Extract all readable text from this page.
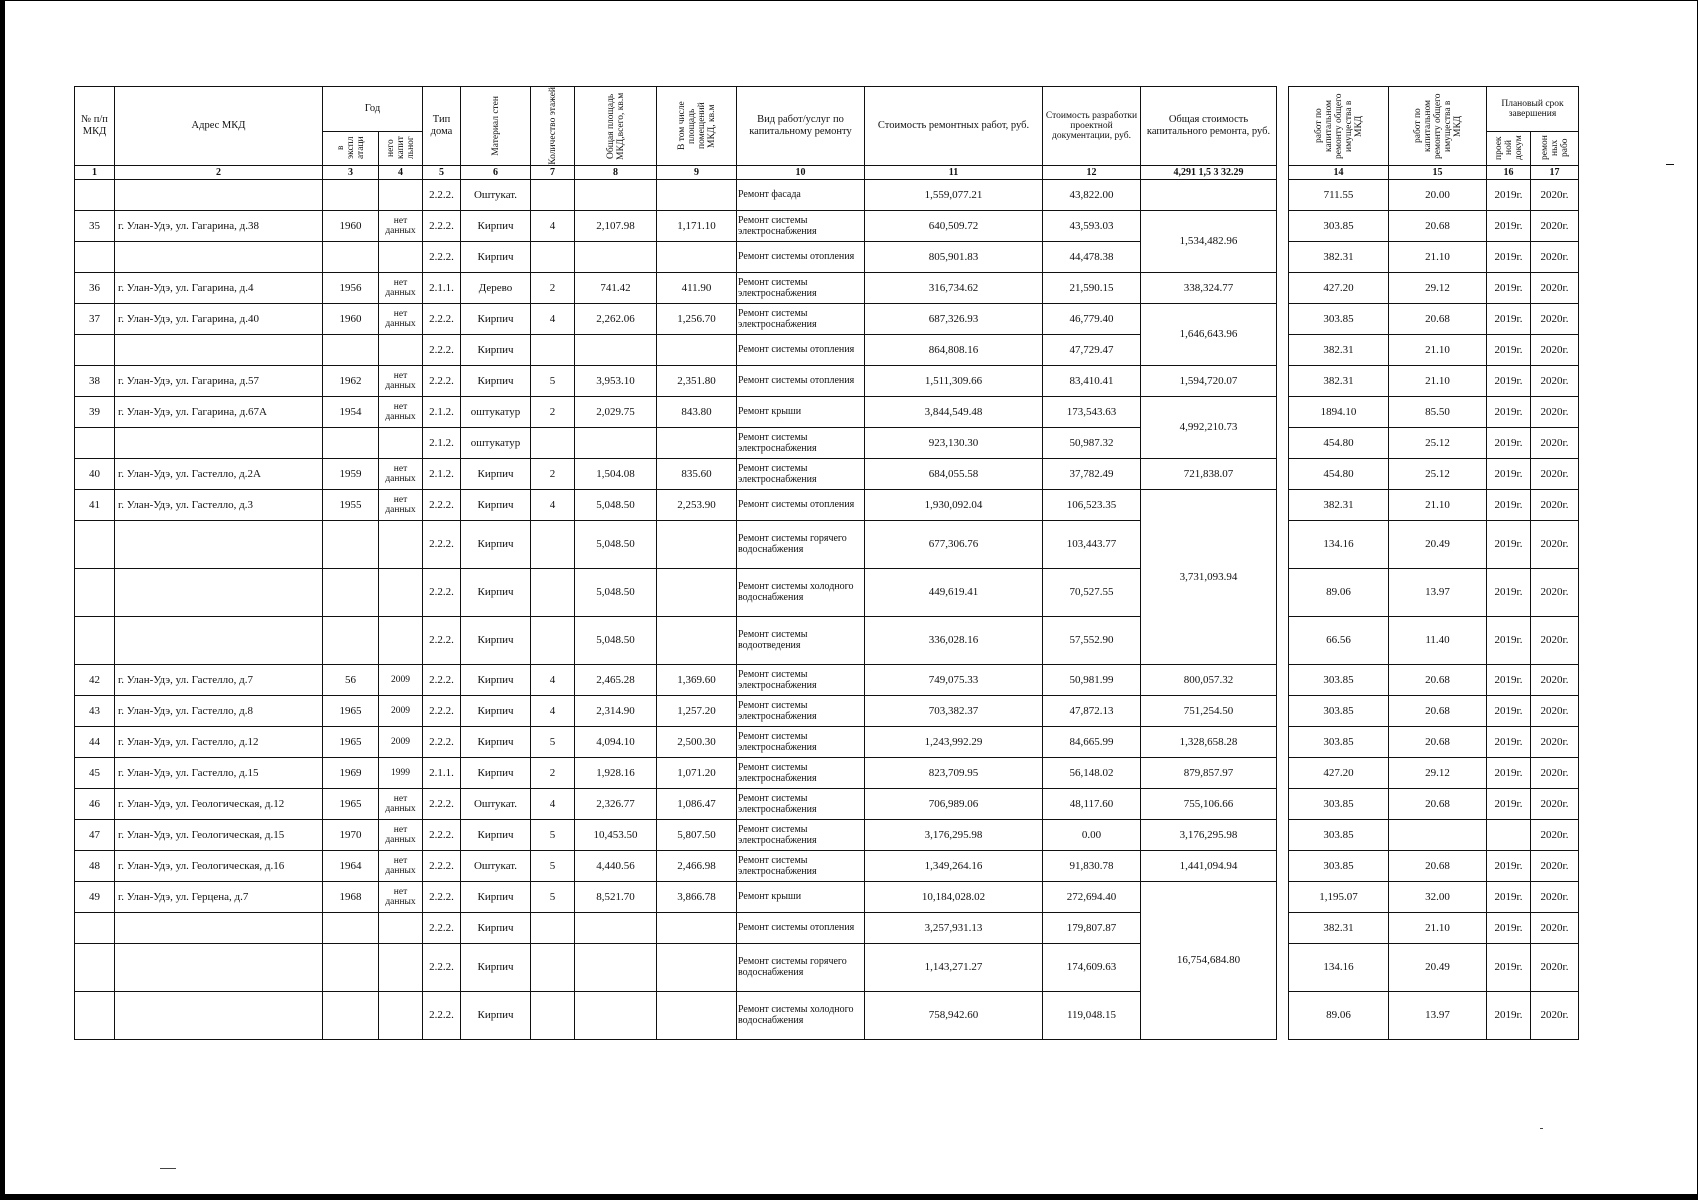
№ п/п МКД	Адрес МКД	Год		Тип дома	Материал стен	Количество этажей	Общая площадь МКД,всего, кв.м	В том числе площадь помещений МКД, кв.м	Вид работ/услуг по капитальному ремонту	Стоимость ремонтных работ, руб.	Стоимость разработки проектной документации, руб.	Общая стоимость капитального ремонта, руб.		работ по капитальном ремонту общего имущества в МКД	работ по капитальном ремонту общего имущества в МКД	Плановый срок завершения	

		в экспл атаци	него капит льног													проек ной докум	ремон ных рабо

1	2	3	4	5	6	7	8	9	10	11	12	4,291 1,5 3 32.29		14	15	16	17
				2.2.2.	Оштукат.				Ремонт фасада	1,559,077.21	43,822.00			711.55	20.00	2019г.	2020г.
35	г. Улан-Удэ, ул. Гагарина, д.38	1960	нет данных	2.2.2.	Кирпич	4	2,107.98	1,171.10	Ремонт системы электроснабжения	640,509.72	43,593.03	1,534,482.96		303.85	20.68	2019г.	2020г.
				2.2.2.	Кирпич				Ремонт системы отопления	805,901.83	44,478.38			382.31	21.10	2019г.	2020г.
36	г. Улан-Удэ, ул. Гагарина, д.4	1956	нет данных	2.1.1.	Дерево	2	741.42	411.90	Ремонт системы электроснабжения	316,734.62	21,590.15	338,324.77		427.20	29.12	2019г.	2020г.
37	г. Улан-Удэ, ул. Гагарина, д.40	1960	нет данных	2.2.2.	Кирпич	4	2,262.06	1,256.70	Ремонт системы электроснабжения	687,326.93	46,779.40	1,646,643.96		303.85	20.68	2019г.	2020г.
				2.2.2.	Кирпич				Ремонт системы отопления	864,808.16	47,729.47			382.31	21.10	2019г.	2020г.
38	г. Улан-Удэ, ул. Гагарина, д.57	1962	нет данных	2.2.2.	Кирпич	5	3,953.10	2,351.80	Ремонт системы отопления	1,511,309.66	83,410.41	1,594,720.07		382.31	21.10	2019г.	2020г.
39	г. Улан-Удэ, ул. Гагарина, д.67А	1954	нет данных	2.1.2.	оштукатур	2	2,029.75	843.80	Ремонт крыши	3,844,549.48	173,543.63	4,992,210.73		1894.10	85.50	2019г.	2020г.
				2.1.2.	оштукатур				Ремонт системы электроснабжения	923,130.30	50,987.32			454.80	25.12	2019г.	2020г.
40	г. Улан-Удэ, ул. Гастелло, д.2А	1959	нет данных	2.1.2.	Кирпич	2	1,504.08	835.60	Ремонт системы электроснабжения	684,055.58	37,782.49	721,838.07		454.80	25.12	2019г.	2020г.
41	г. Улан-Удэ, ул. Гастелло, д.3	1955	нет данных	2.2.2.	Кирпич	4	5,048.50	2,253.90	Ремонт системы отопления	1,930,092.04	106,523.35	3,731,093.94		382.31	21.10	2019г.	2020г.
				2.2.2.	Кирпич		5,048.50		Ремонт системы горячего водоснабжения	677,306.76	103,443.77			134.16	20.49	2019г.	2020г.
				2.2.2.	Кирпич		5,048.50		Ремонт системы холодного водоснабжения	449,619.41	70,527.55			89.06	13.97	2019г.	2020г.
				2.2.2.	Кирпич		5,048.50		Ремонт системы водоотведения	336,028.16	57,552.90			66.56	11.40	2019г.	2020г.
42	г. Улан-Удэ, ул. Гастелло, д.7	56	2009	2.2.2.	Кирпич	4	2,465.28	1,369.60	Ремонт системы электроснабжения	749,075.33	50,981.99	800,057.32		303.85	20.68	2019г.	2020г.
43	г. Улан-Удэ, ул. Гастелло, д.8	1965	2009	2.2.2.	Кирпич	4	2,314.90	1,257.20	Ремонт системы электроснабжения	703,382.37	47,872.13	751,254.50		303.85	20.68	2019г.	2020г.
44	г. Улан-Удэ, ул. Гастелло, д.12	1965	2009	2.2.2.	Кирпич	5	4,094.10	2,500.30	Ремонт системы электроснабжения	1,243,992.29	84,665.99	1,328,658.28		303.85	20.68	2019г.	2020г.
45	г. Улан-Удэ, ул. Гастелло, д.15	1969	1999	2.1.1.	Кирпич	2	1,928.16	1,071.20	Ремонт системы электроснабжения	823,709.95	56,148.02	879,857.97		427.20	29.12	2019г.	2020г.
46	г. Улан-Удэ, ул. Геологическая, д.12	1965	нет данных	2.2.2.	Оштукат.	4	2,326.77	1,086.47	Ремонт системы электроснабжения	706,989.06	48,117.60	755,106.66		303.85	20.68	2019г.	2020г.
47	г. Улан-Удэ, ул. Геологическая, д.15	1970	нет данных	2.2.2.	Кирпич	5	10,453.50	5,807.50	Ремонт системы электроснабжения	3,176,295.98	0.00	3,176,295.98		303.85			2020г.
48	г. Улан-Удэ, ул. Геологическая, д.16	1964	нет данных	2.2.2.	Оштукат.	5	4,440.56	2,466.98	Ремонт системы электроснабжения	1,349,264.16	91,830.78	1,441,094.94		303.85	20.68	2019г.	2020г.
49	г. Улан-Удэ, ул. Герцена, д.7	1968	нет данных	2.2.2.	Кирпич	5	8,521.70	3,866.78	Ремонт крыши	10,184,028.02	272,694.40	16,754,684.80		1,195.07	32.00	2019г.	2020г.
				2.2.2.	Кирпич				Ремонт системы отопления	3,257,931.13	179,807.87			382.31	21.10	2019г.	2020г.
				2.2.2.	Кирпич				Ремонт системы горячего водоснабжения	1,143,271.27	174,609.63			134.16	20.49	2019г.	2020г.
				2.2.2.	Кирпич				Ремонт системы холодного водоснабжения	758,942.60	119,048.15			89.06	13.97	2019г.	2020г.
